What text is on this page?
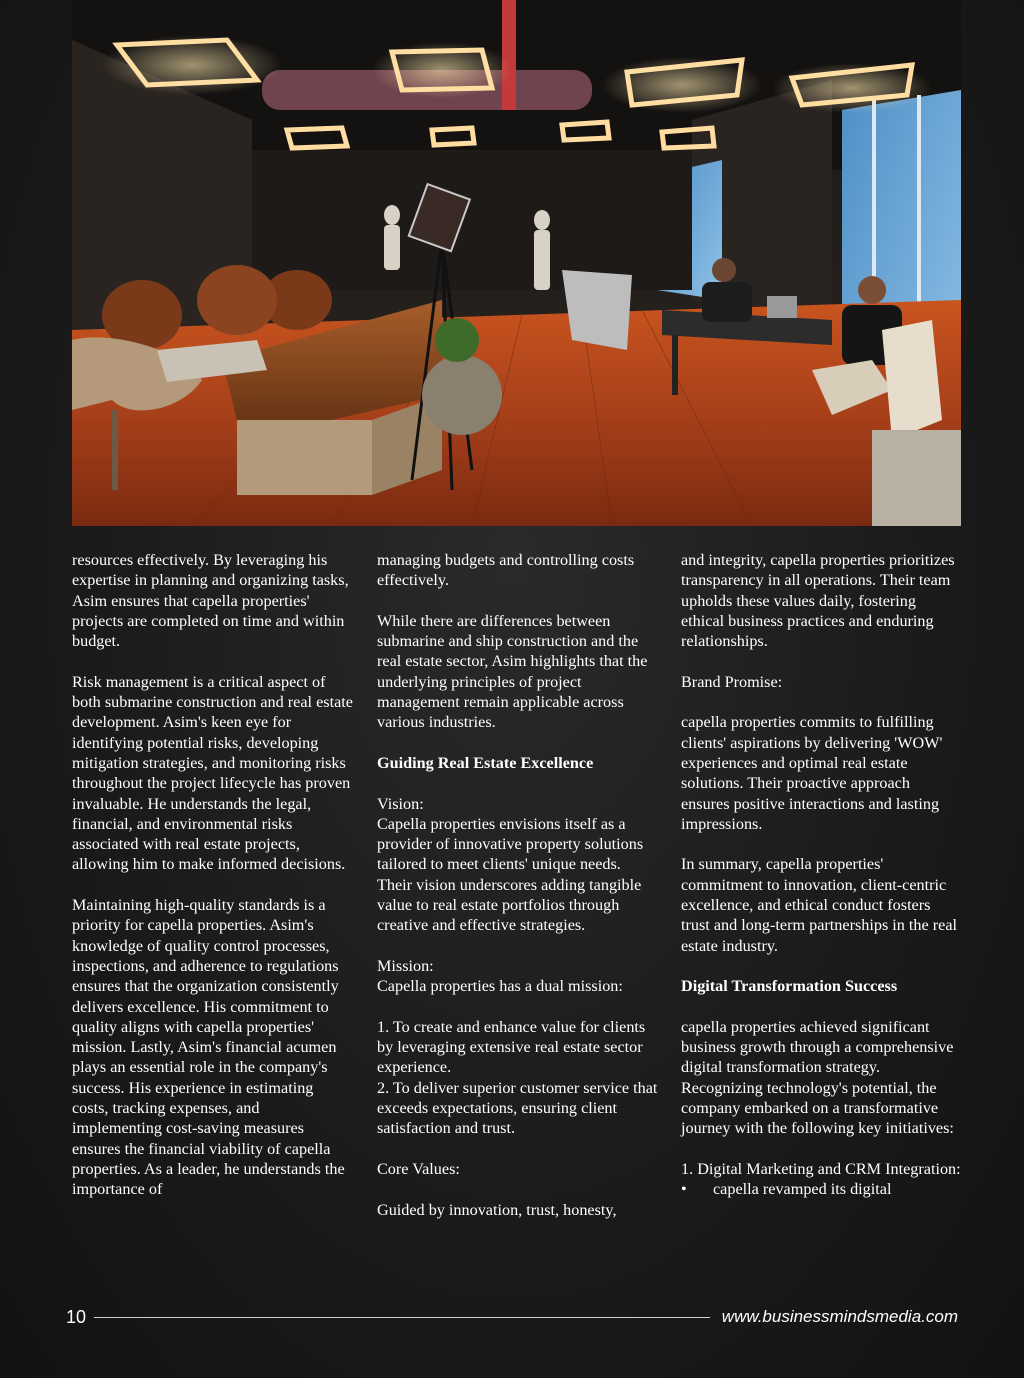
resources effectively. By leveraging his expertise in planning and organizing tasks, Asim ensures that capella properties' projects are completed on time and within budget.

Risk management is a critical aspect of both submarine construction and real estate development. Asim's keen eye for identifying potential risks, developing mitigation strategies, and monitoring risks throughout the project lifecycle has proven invaluable. He understands the legal, financial, and environmental risks associated with real estate projects, allowing him to make informed decisions.

Maintaining high-quality standards is a priority for capella properties. Asim's knowledge of quality control processes, inspections, and adherence to regulations ensures that the organization consistently delivers excellence. His commitment to quality aligns with capella properties' mission. Lastly, Asim's financial acumen plays an essential role in the company's success. His experience in estimating costs, tracking expenses, and implementing cost-saving measures ensures the financial viability of capella properties. As a leader, he understands the importance of

managing budgets and controlling costs effectively.

While there are differences between submarine and ship construction and the real estate sector, Asim highlights that the underlying principles of project management remain applicable across various industries.

Guiding Real Estate Excellence

Vision:

Capella properties envisions itself as a provider of innovative property solutions tailored to meet clients' unique needs. Their vision underscores adding tangible value to real estate portfolios through creative and effective strategies.

Mission:

Capella properties has a dual mission:

1. To create and enhance value for clients by leveraging extensive real estate sector experience.

2. To deliver superior customer service that exceeds expectations, ensuring client satisfaction and trust.

Core Values:

Guided by innovation, trust, honesty,

and integrity, capella properties prioritizes transparency in all operations. Their team upholds these values daily, fostering ethical business practices and enduring relationships.

Brand Promise:

capella properties commits to fulfilling clients' aspirations by delivering 'WOW' experiences and optimal real estate solutions. Their proactive approach ensures positive interactions and lasting impressions.

In summary, capella properties' commitment to innovation, client-centric excellence, and ethical conduct fosters trust and long-term partnerships in the real estate industry.

Digital Transformation Success

capella properties achieved significant business growth through a comprehensive digital transformation strategy. Recognizing technology's potential, the company embarked on a transformative journey with the following key initiatives:

1. Digital Marketing and CRM Integration:

•	capella revamped its digital
10	www.businessmindsmedia.com
